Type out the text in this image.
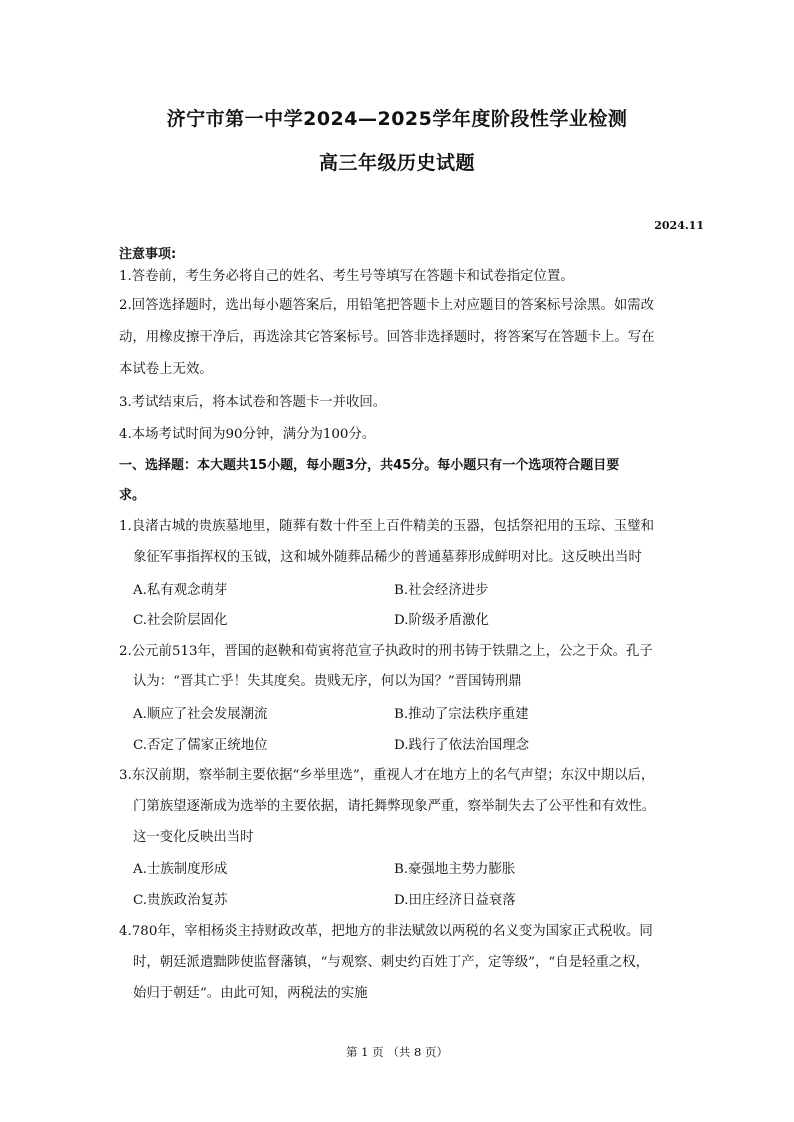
济宁市第一中学2024—2025学年度阶段性学业检测
高三年级历史试题
2024.11
注意事项:
1.答卷前，考生务必将自己的姓名、考生号等填写在答题卡和试卷指定位置。
2.回答选择题时，选出每小题答案后，用铅笔把答题卡上对应题目的答案标号涂黑。如需改
动，用橡皮擦干净后，再选涂其它答案标号。回答非选择题时，将答案写在答题卡上。写在
本试卷上无效。
3.考试结束后，将本试卷和答题卡一并收回。
4.本场考试时间为90分钟，满分为100分。
一、选择题：本大题共15小题，每小题3分，共45分。每小题只有一个选项符合题目要
求。
1.良渚古城的贵族墓地里，随葬有数十件至上百件精美的玉器，包括祭祀用的玉琮、玉璧和
象征军事指挥权的玉钺，这和城外随葬品稀少的普通墓葬形成鲜明对比。这反映出当时
A.私有观念萌芽	B.社会经济进步
C.社会阶层固化	D.阶级矛盾激化
2.公元前513年，晋国的赵鞅和荀寅将范宣子执政时的刑书铸于铁鼎之上，公之于众。孔子
认为：“晋其亡乎！失其度矣。贵贱无序，何以为国？”晋国铸刑鼎
A.顺应了社会发展潮流	B.推动了宗法秩序重建
C.否定了儒家正统地位	D.践行了依法治国理念
3.东汉前期，察举制主要依据“乡举里选”，重视人才在地方上的名气声望；东汉中期以后，
门第族望逐渐成为选举的主要依据，请托舞弊现象严重，察举制失去了公平性和有效性。
这一变化反映出当时
A.士族制度形成	B.豪强地主势力膨胀
C.贵族政治复苏	D.田庄经济日益衰落
4.780年，宰相杨炎主持财政改革，把地方的非法赋敛以两税的名义变为国家正式税收。同
时，朝廷派遣黜陟使监督藩镇，“与观察、刺史约百姓丁产，定等级”，“自是轻重之权，
始归于朝廷”。由此可知，两税法的实施
第 1 页 （共 8 页）
